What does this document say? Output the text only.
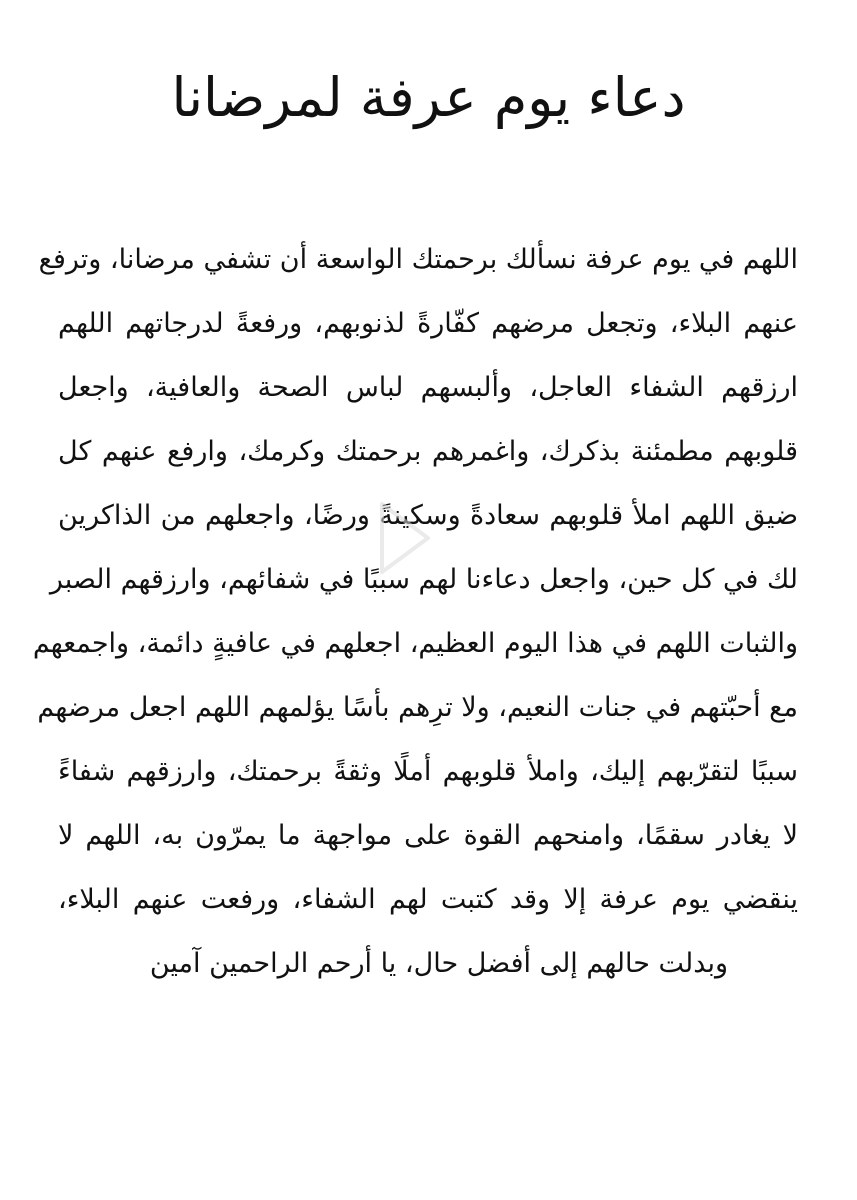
دعاء يوم عرفة لمرضانا
اللهم في يوم عرفة نسألك برحمتك الواسعة أن تشفي مرضانا، وترفع
عنهم البلاء، وتجعل مرضهم كفّارةً لذنوبهم، ورفعةً لدرجاتهم اللهم
ارزقهم الشفاء العاجل، وألبسهم لباس الصحة والعافية، واجعل
قلوبهم مطمئنة بذكرك، واغمرهم برحمتك وكرمك، وارفع عنهم كل
ضيق اللهم املأ قلوبهم سعادةً وسكينةً ورضًا، واجعلهم من الذاكرين
لك في كل حين، واجعل دعاءنا لهم سببًا في شفائهم، وارزقهم الصبر
والثبات اللهم في هذا اليوم العظيم، اجعلهم في عافيةٍ دائمة، واجمعهم
مع أحبّتهم في جنات النعيم، ولا ترِهم بأسًا يؤلمهم اللهم اجعل مرضهم
سببًا لتقرّبهم إليك، واملأ قلوبهم أملًا وثقةً برحمتك، وارزقهم شفاءً
لا يغادر سقمًا، وامنحهم القوة على مواجهة ما يمرّون به، اللهم لا
ينقضي يوم عرفة إلا وقد كتبت لهم الشفاء، ورفعت عنهم البلاء،
وبدلت حالهم إلى أفضل حال، يا أرحم الراحمين آمين
